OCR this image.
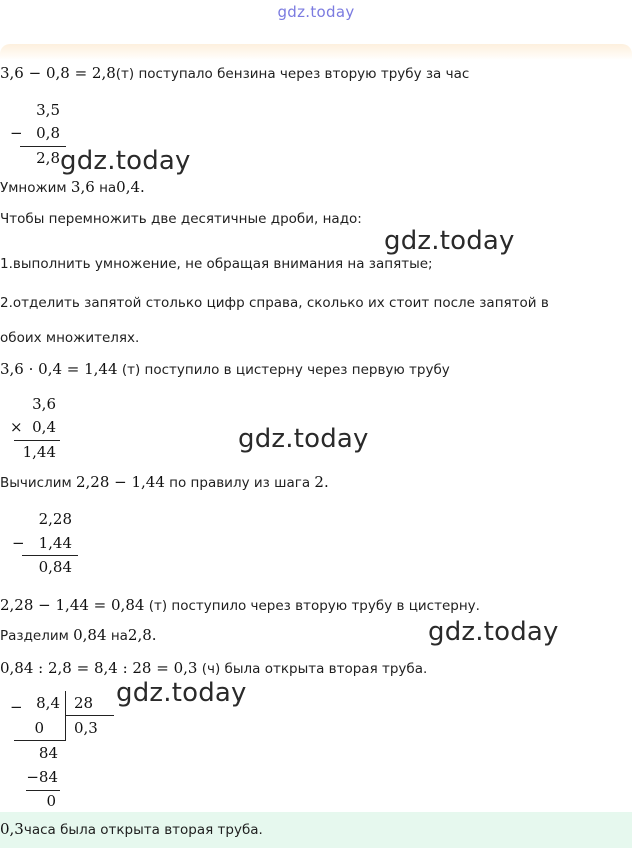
gdz.today
3,6 − 0,8 = 2,8(т) поступало бензина через вторую трубу за час
3,5
− 0,8
2,8 gdz.today
Умножим 3,6 на0,4.
Чтобы перемножить две десятичные дроби, надо:
gdz.today
1.выполнить умножение, не обращая внимания на запятые;
2.отделить запятой столько цифр справа, сколько их стоит после запятой в
обоих множителях.
3,6 · 0,4 = 1,44 (т) поступило в цистерну через первую трубу
3,6
× 0,4
1,44	gdz.today
Вычислим 2,28 − 1,44 по правилу из шага 2.
2,28
− 1,44
0,84
2,28 − 1,44 = 0,84 (т) поступило через вторую трубу в цистерну.
Разделим 0,84 на2,8.	gdz.today
0,84 : 2,8 = 8,4 : 28 = 0,3 (ч) была открыта вторая труба.
− 8,4 28
0 0,3
84
−84
0
gdz.today
0,3часа была открыта вторая труба.
